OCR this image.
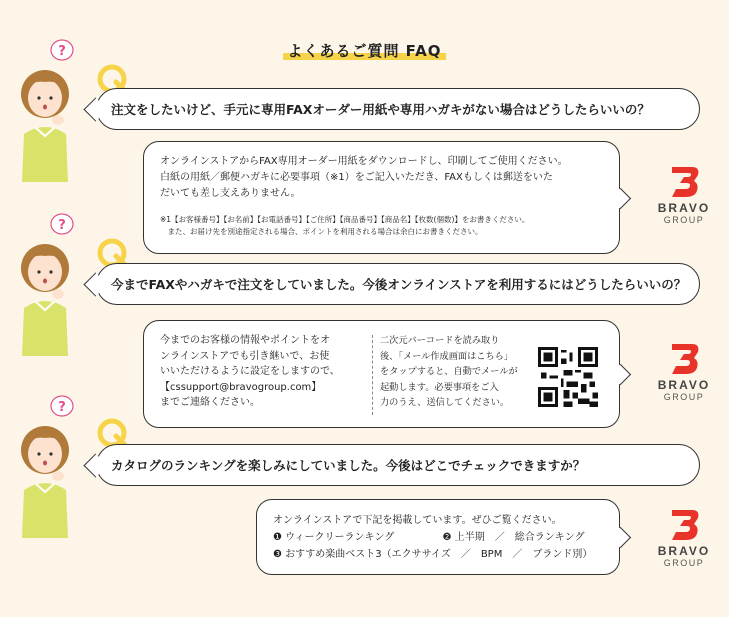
よくあるご質問 FAQ
?
注文をしたいけど、手元に専用FAXオーダー用紙や専用ハガキがない場合はどうしたらいいの？
オンラインストアからFAX専用オーダー用紙をダウンロードし、印刷してご使用ください。
白紙の用紙／郵便ハガキに必要事項（※1）をご記入いただき、FAXもしくは郵送をいた
だいても差し支えありません。
※1【お客様番号】【お名前】【お電話番号】【ご住所】【商品番号】【商品名】【枚数(個数)】をお書きください。
　また、お届け先を別途指定される場合、ポイントを利用される場合は余白にお書きください。
BRAVO
GROUP
?
今までFAXやハガキで注文をしていました。今後オンラインストアを利用するにはどうしたらいいの？
今までのお客様の情報やポイントをオ
ンラインストアでも引き継いで、お使
いいただけるように設定をしますので、
【cssupport@bravogroup.com】
までご連絡ください。
二次元バーコードを読み取り
後、「メール作成画面はこちら」
をタップすると、自動でメールが
起動します。必要事項をご入
力のうえ、送信してください。
BRAVO
GROUP
?
カタログのランキングを楽しみにしていました。今後はどこでチェックできますか？
オンラインストアで下記を掲載しています。ぜひご覧ください。
❶ ウィークリーランキング	❷ 上半期　／　総合ランキング
❸ おすすめ楽曲ベスト3（エクササイズ　／　BPM　／　ブランド別）	BRAVO
GROUP
